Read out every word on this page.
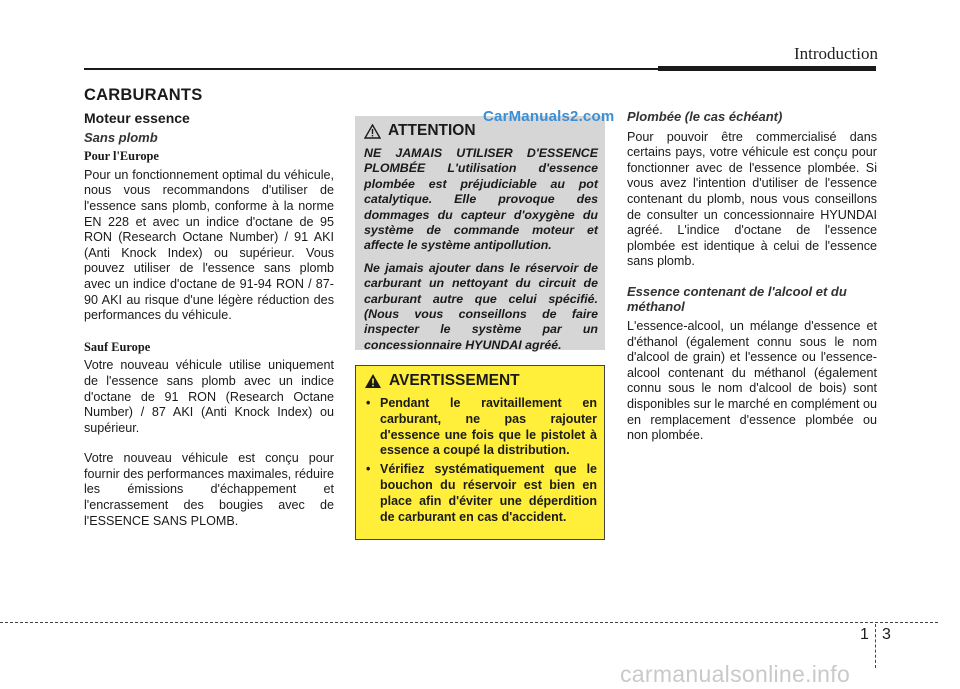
Introduction
CARBURANTS
Moteur essence
Sans plomb
Pour l'Europe

Pour un fonctionnement optimal du véhicule, nous vous recommandons d'utiliser de l'essence sans plomb, conforme à la norme EN 228 et avec un indice d'octane de 95 RON (Research Octane Number) / 91 AKI (Anti Knock Index) ou supérieur. Vous pouvez utiliser de l'essence sans plomb avec un indice d'octane de 91-94 RON / 87-90 AKI au risque d'une légère réduction des performances du véhicule.

Sauf Europe

Votre nouveau véhicule utilise uniquement de l'essence sans plomb avec un indice d'octane de 91 RON (Research Octane Number) / 87 AKI (Anti Knock Index) ou supérieur.

Votre nouveau véhicule est conçu pour fournir des performances maximales, réduire les émissions d'échappement et l'encrassement des bougies avec de l'ESSENCE SANS PLOMB.

ATTENTION

NE JAMAIS UTILISER D'ESSENCE PLOMBÉE L'utilisation d'essence plombée est préjudiciable au pot catalytique. Elle provoque des dommages du capteur d'oxygène du système de commande moteur et affecte le système antipollution.

Ne jamais ajouter dans le réservoir de carburant un nettoyant du circuit de carburant autre que celui spécifié. (Nous vous conseillons de faire inspecter le système par un concessionnaire HYUNDAI agréé.

CarManuals2.com
AVERTISSEMENT
• Pendant le ravitaillement en carburant, ne pas rajouter d'essence une fois que le pistolet à essence a coupé la distribution.
• Vérifiez systématiquement que le bouchon du réservoir est bien en place afin d'éviter une déperdition de carburant en cas d'accident.
Plombée (le cas échéant)

Pour pouvoir être commercialisé dans certains pays, votre véhicule est conçu pour fonctionner avec de l'essence plombée. Si vous avez l'intention d'utiliser de l'essence contenant du plomb, nous vous conseillons de consulter un concessionnaire HYUNDAI agréé. L'indice d'octane de l'essence plombée est identique à celui de l'essence sans plomb.

Essence contenant de l'alcool et du méthanol

L'essence-alcool, un mélange d'essence et d'éthanol (également connu sous le nom d'alcool de grain) et l'essence ou l'essence-alcool contenant du méthanol (également connu sous le nom d'alcool de bois) sont disponibles sur le marché en complément ou en remplacement d'essence plombée ou non plombée.

1 3
carmanualsonline.info
